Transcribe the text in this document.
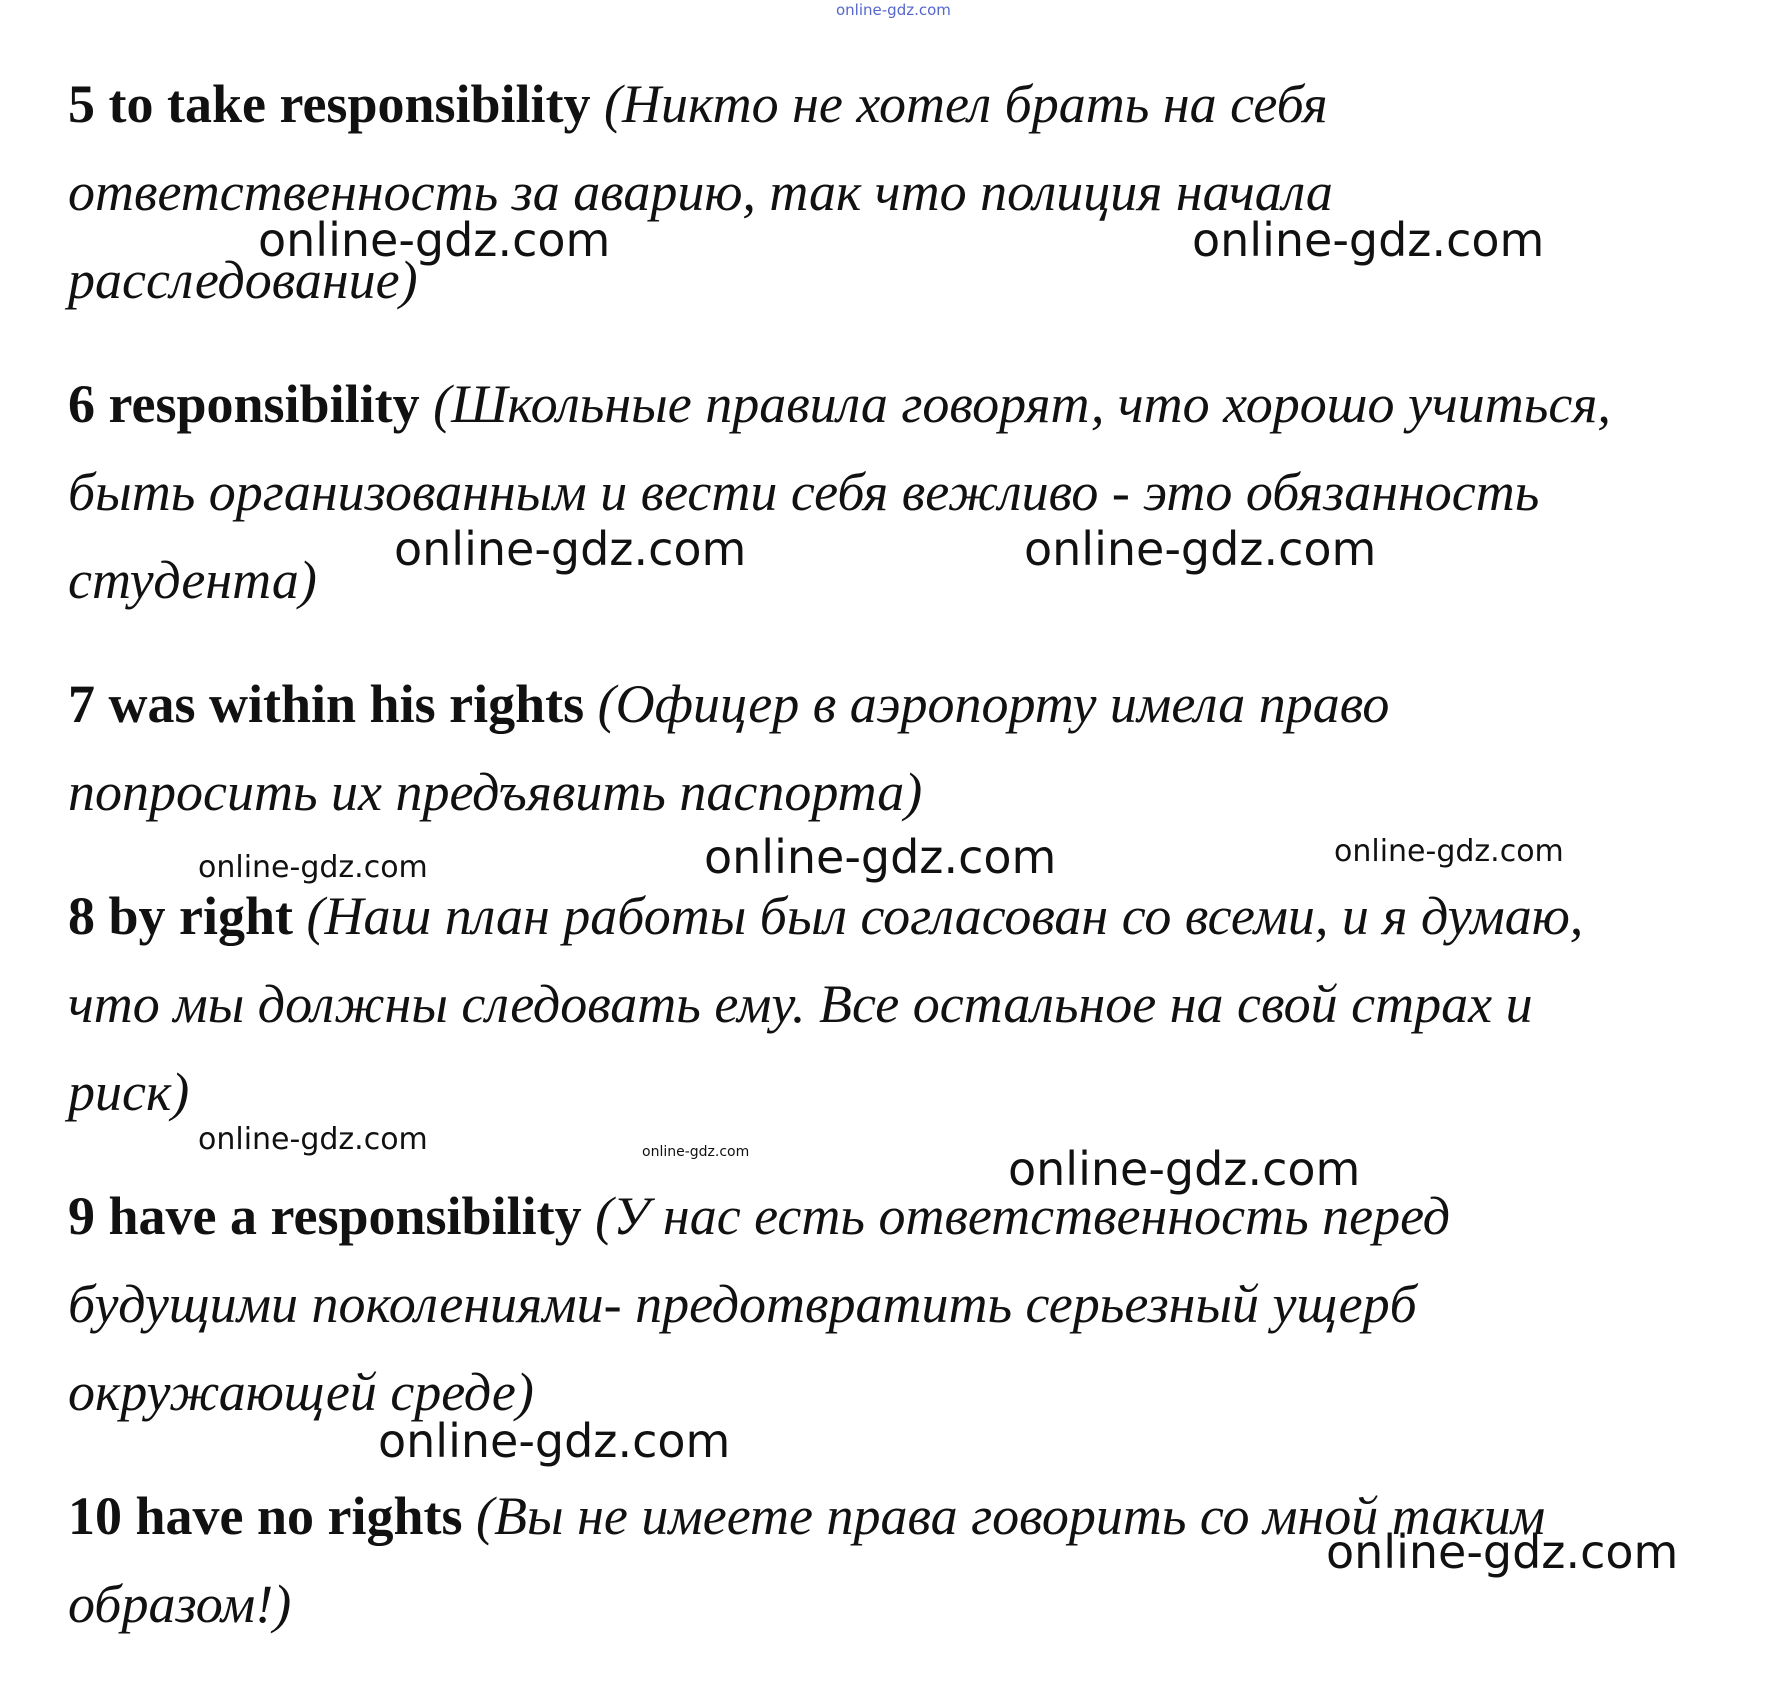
online-gdz.com
5 to take responsibility (Никто не хотел брать на себя
ответственность за аварию, так что полиция начала
расследование)
6 responsibility (Школьные правила говорят, что хорошо учиться,
быть организованным и вести себя вежливо - это обязанность
студента)
7 was within his rights (Офицер в аэропорту имела право
попросить их предъявить паспорта)
8 by right (Наш план работы был согласован со всеми, и я думаю,
что мы должны следовать ему. Все остальное на свой страх и
риск)
9 have a responsibility (У нас есть ответственность перед
будущими поколениями- предотвратить серьезный ущерб
окружающей среде)
10 have no rights (Вы не имеете права говорить со мной таким
образом!)
online-gdz.com	online-gdz.com
online-gdz.com	online-gdz.com
online-gdz.com	online-gdz.com	online-gdz.com
online-gdz.com	online-gdz.com	online-gdz.com
online-gdz.com
online-gdz.com
